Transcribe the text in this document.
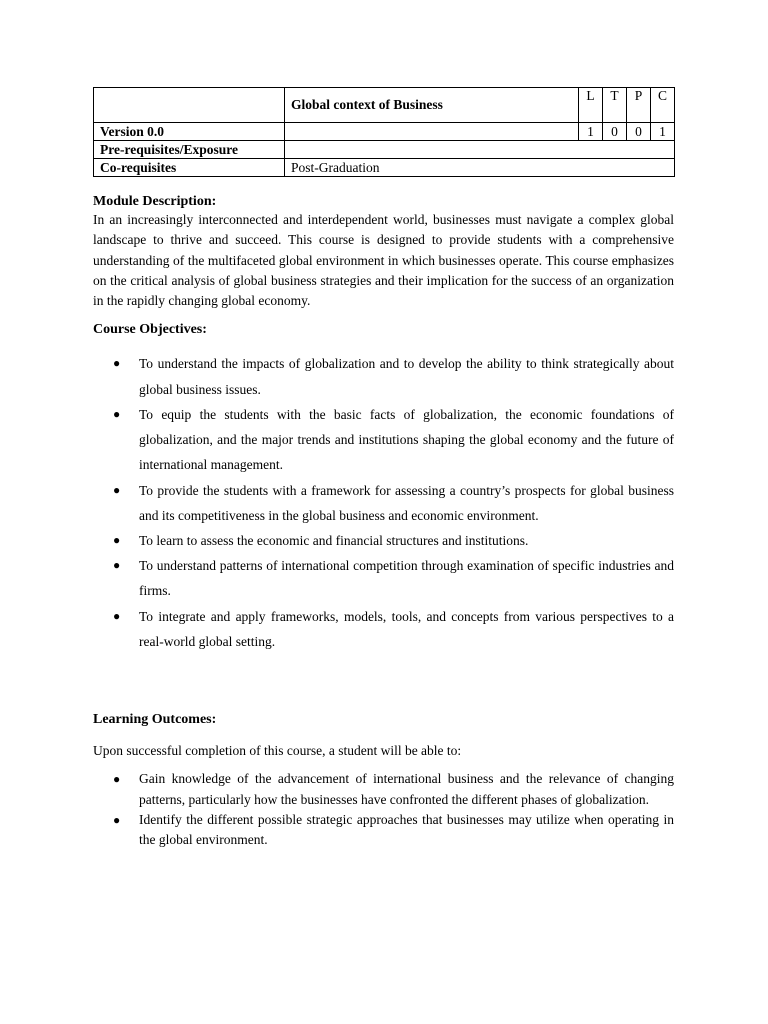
	Global context of Business	L	T	P	C
Version 0.0		1	0	0	1
Pre-requisites/Exposure					
Co-requisites	Post-Graduation				
Module Description:

In an increasingly interconnected and interdependent world, businesses must navigate a complex global landscape to thrive and succeed. This course is designed to provide students with a comprehensive understanding of the multifaceted global environment in which businesses operate. This course emphasizes on the critical analysis of global business strategies and their implication for the success of an organization in the rapidly changing global economy.

Course Objectives:
● To understand the impacts of globalization and to develop the ability to think strategically about global business issues.
● To equip the students with the basic facts of globalization, the economic foundations of globalization, and the major trends and institutions shaping the global economy and the future of international management.
● To provide the students with a framework for assessing a country’s prospects for global business and its competitiveness in the global business and economic environment.
● To learn to assess the economic and financial structures and institutions.
● To understand patterns of international competition through examination of specific industries and firms.
● To integrate and apply frameworks, models, tools, and concepts from various perspectives to a real-world global setting.
Learning Outcomes:

Upon successful completion of this course, a student will be able to:

● Gain knowledge of the advancement of international business and the relevance of changing patterns, particularly how the businesses have confronted the different phases of globalization.
● Identify the different possible strategic approaches that businesses may utilize when operating in the global environment.
